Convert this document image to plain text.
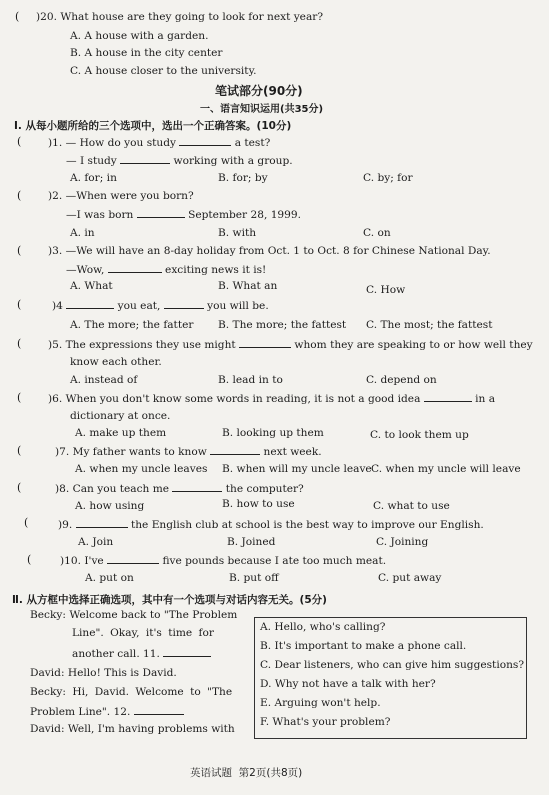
( )20. What house are they going to look for next year?
A. A house with a garden.
B. A house in the city center
C. A house closer to the university.
笔试部分(90分)
一、语言知识运用(共35分)
Ⅰ. 从每小题所给的三个选项中，选出一个正确答案。(10分)
(	)1. — How do you study	a test?
— I study	working with a group.
A. for; in	B. for; by	C. by; for
(	)2. —When were you born?
—I was born	September 28, 1999.
A. in	B. with	C. on
(	)3. —We will have an 8-day holiday from Oct. 1 to Oct. 8 for Chinese National Day.
—Wow,	exciting news it is!
A. What	B. What an	C. How
(	)4	you eat,	you will be.
A. The more; the fatter B. The more; the fattest C. The most; the fattest
(	)5. The expressions they use might	whom they are speaking to or how well they
know each other.
A. instead of	B. lead in to	C. depend on
(	)6. When you don't know some words in reading, it is not a good idea	in a
dictionary at once.
A. make up them	B. looking up them	C. to look them up
(	)7. My father wants to know	next week.
A. when my uncle leaves B. when will my uncle leave C. when my uncle will leave
(	)8. Can you teach me	the computer?
A. how using	B. how to use	C. what to use
(	)9.	the English club at school is the best way to improve our English.
A. Join	B. Joined	C. Joining
(	)10. I've	five pounds because I ate too much meat.
A. put on	B. put off	C. put away
Ⅱ. 从方框中选择正确选项，其中有一个选项与对话内容无关。(5分)
Becky: Welcome back to "The Problem
Line". Okay, it's time for
another call. 11.
David: Hello! This is David.
Becky: Hi, David. Welcome to "The
Problem Line". 12.
David: Well, I'm having problems with
A. Hello, who's calling?
B. It's important to make a phone call.
C. Dear listeners, who can give him suggestions?
D. Why not have a talk with her?
E. Arguing won't help.
F. What's your problem?
英语试题  第2页(共8页)
